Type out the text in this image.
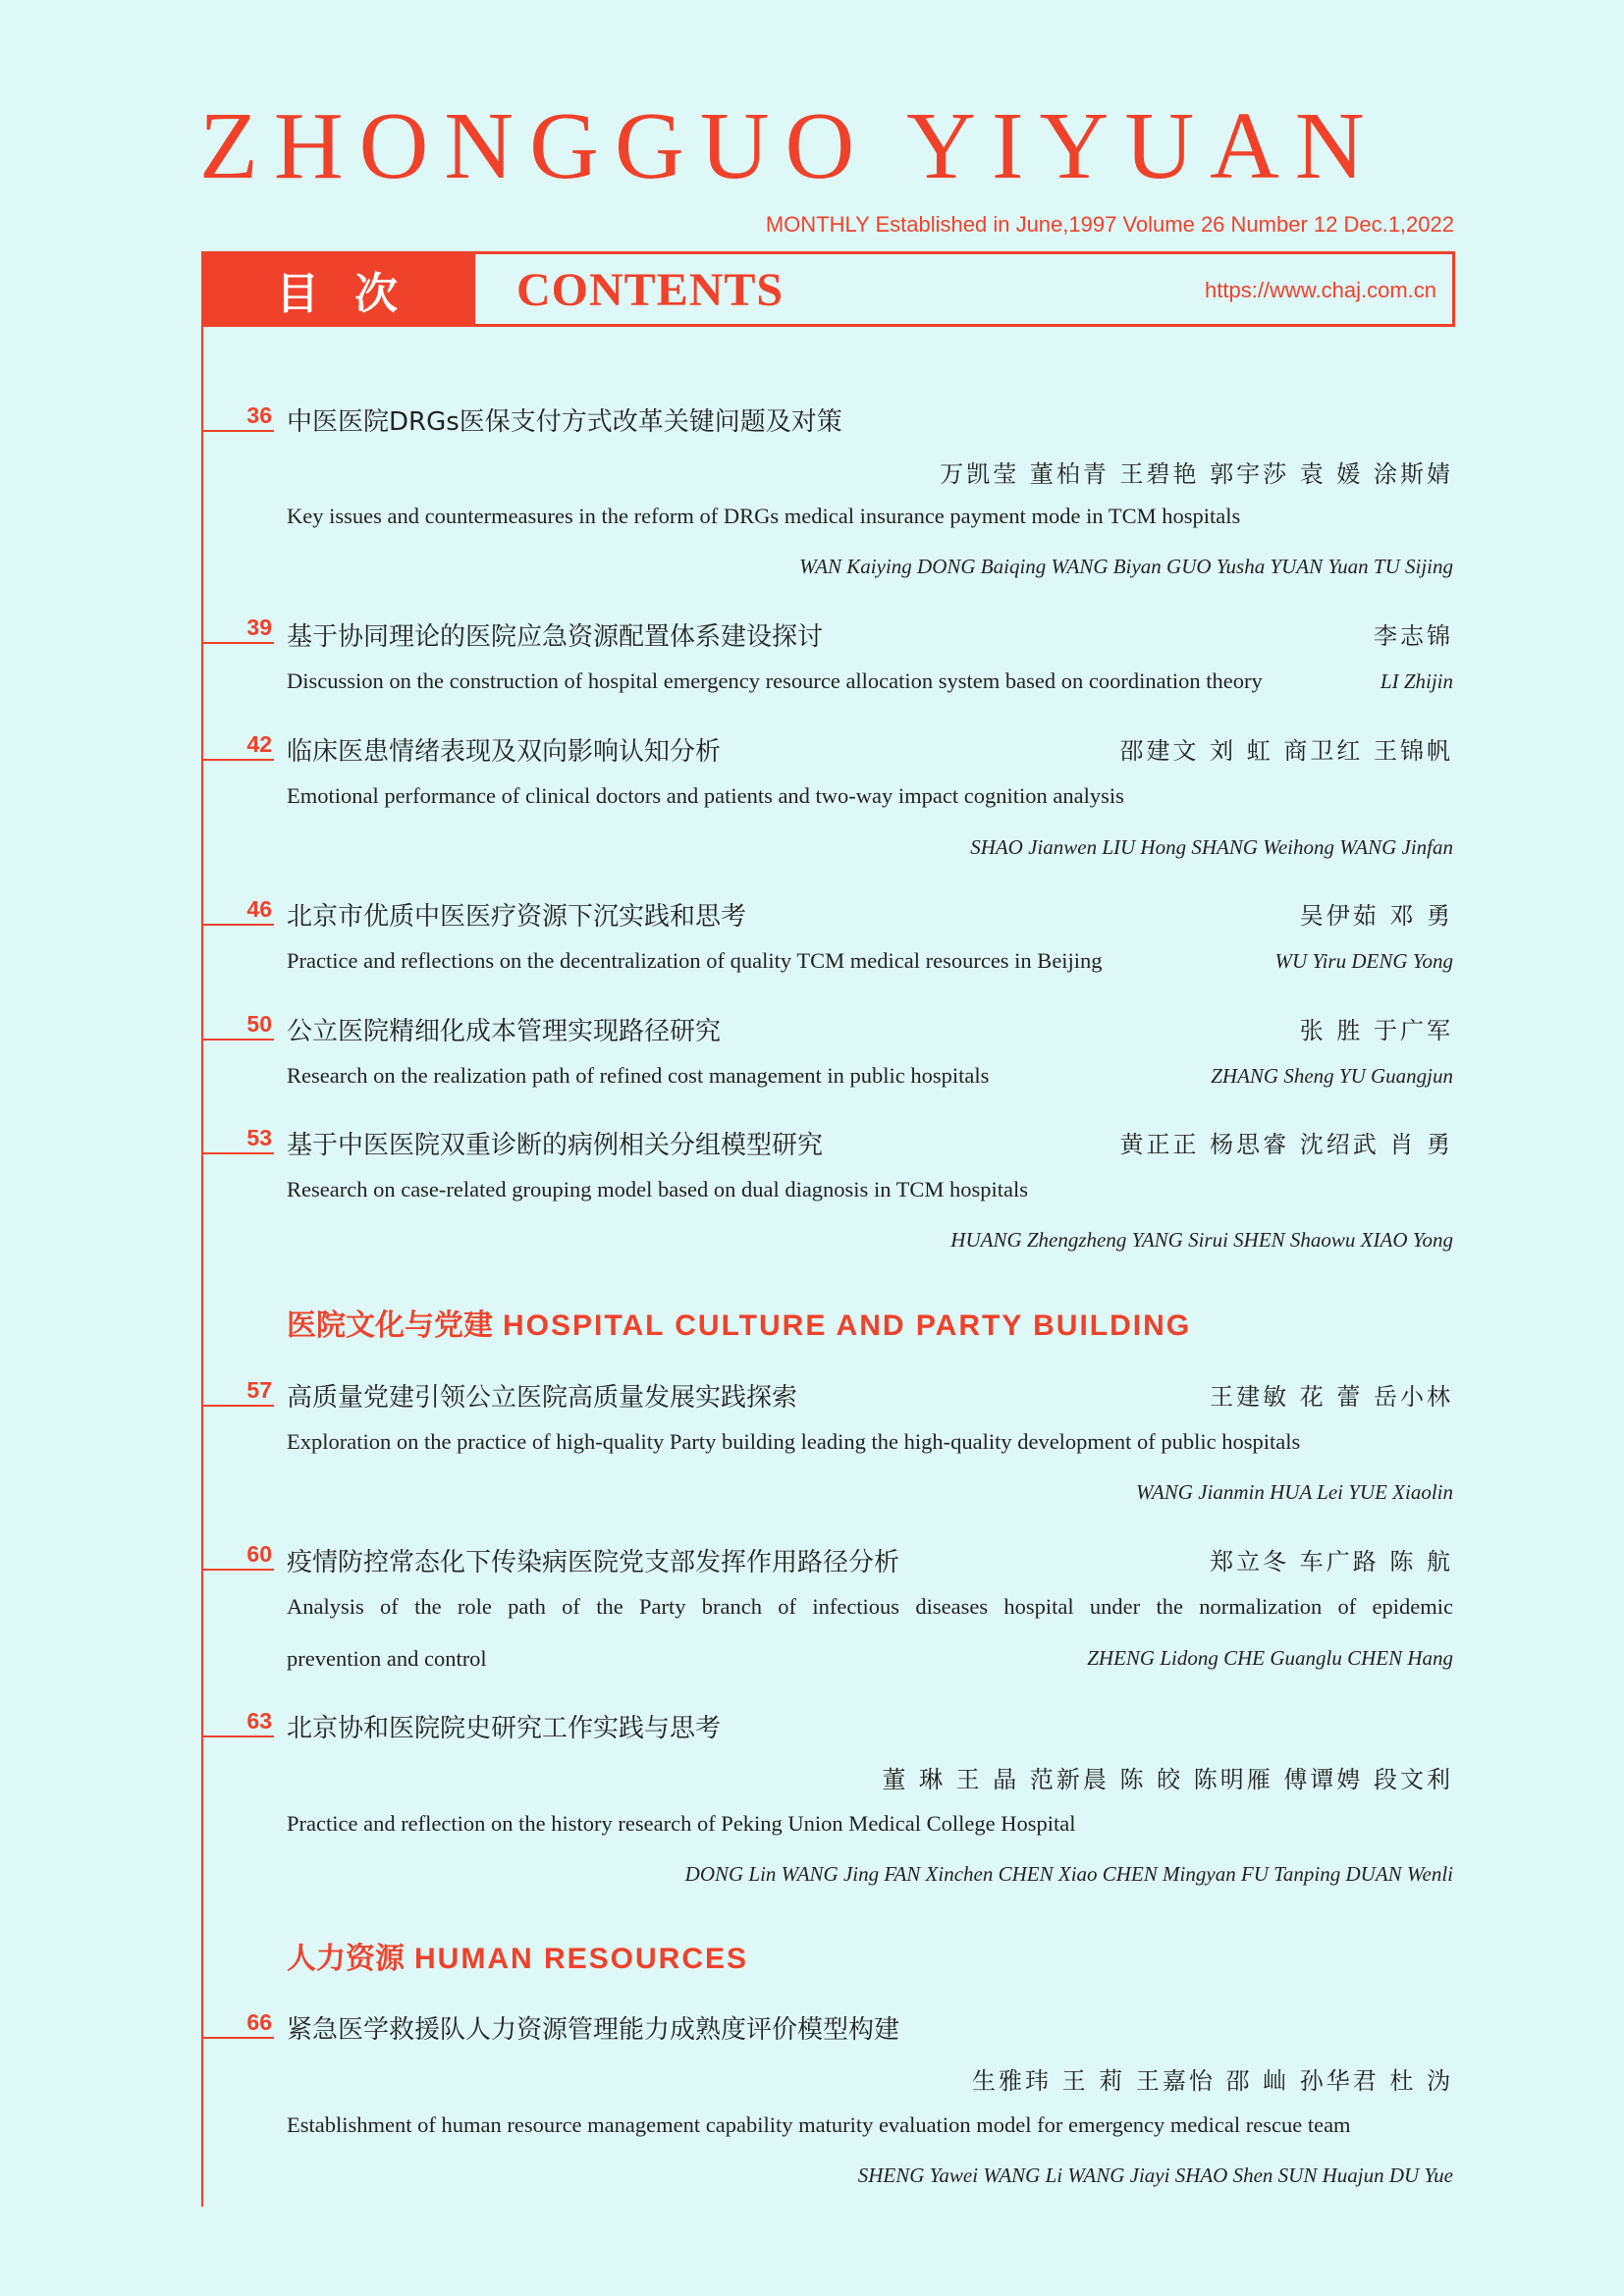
ZHONGGUO YIYUAN
MONTHLY Established in June,1997 Volume 26 Number 12 Dec.1,2022
目次	CONTENTS	https://www.chaj.com.cn
36 中医医院DRGs医保支付方式改革关键问题及对策
万凯莹 董柏青 王碧艳 郭宇莎 袁 媛 涂斯婧
Key issues and countermeasures in the reform of DRGs medical insurance payment mode in TCM hospitals
WAN Kaiying DONG Baiqing WANG Biyan GUO Yusha YUAN Yuan TU Sijing
39 基于协同理论的医院应急资源配置体系建设探讨	李志锦
Discussion on the construction of hospital emergency resource allocation system based on coordination theory	LI Zhijin
42 临床医患情绪表现及双向影响认知分析	邵建文 刘 虹 商卫红 王锦帆
Emotional performance of clinical doctors and patients and two-way impact cognition analysis
SHAO Jianwen LIU Hong SHANG Weihong WANG Jinfan
46 北京市优质中医医疗资源下沉实践和思考	吴伊茹 邓 勇
Practice and reflections on the decentralization of quality TCM medical resources in Beijing	WU Yiru DENG Yong
50 公立医院精细化成本管理实现路径研究	张 胜 于广军
Research on the realization path of refined cost management in public hospitals	ZHANG Sheng YU Guangjun
53 基于中医医院双重诊断的病例相关分组模型研究	黄正正 杨思睿 沈绍武 肖 勇
Research on case-related grouping model based on dual diagnosis in TCM hospitals
HUANG Zhengzheng YANG Sirui SHEN Shaowu XIAO Yong
医院文化与党建 HOSPITAL CULTURE AND PARTY BUILDING
57 高质量党建引领公立医院高质量发展实践探索	王建敏 花 蕾 岳小林
Exploration on the practice of high-quality Party building leading the high-quality development of public hospitals
WANG Jianmin HUA Lei YUE Xiaolin
60 疫情防控常态化下传染病医院党支部发挥作用路径分析	郑立冬 车广路 陈 航
Analysis of the role path of the Party branch of infectious diseases hospital under the normalization of epidemic
prevention and control	ZHENG Lidong CHE Guanglu CHEN Hang
63 北京协和医院院史研究工作实践与思考
董 琳 王 晶 范新晨 陈 皎 陈明雁 傅谭娉 段文利
Practice and reflection on the history research of Peking Union Medical College Hospital
DONG Lin WANG Jing FAN Xinchen CHEN Xiao CHEN Mingyan FU Tanping DUAN Wenli
人力资源 HUMAN RESOURCES
66 紧急医学救援队人力资源管理能力成熟度评价模型构建
生雅玮 王 莉 王嘉怡 邵 屾 孙华君 杜 沩
Establishment of human resource management capability maturity evaluation model for emergency medical rescue team
SHENG Yawei WANG Li WANG Jiayi SHAO Shen SUN Huajun DU Yue
